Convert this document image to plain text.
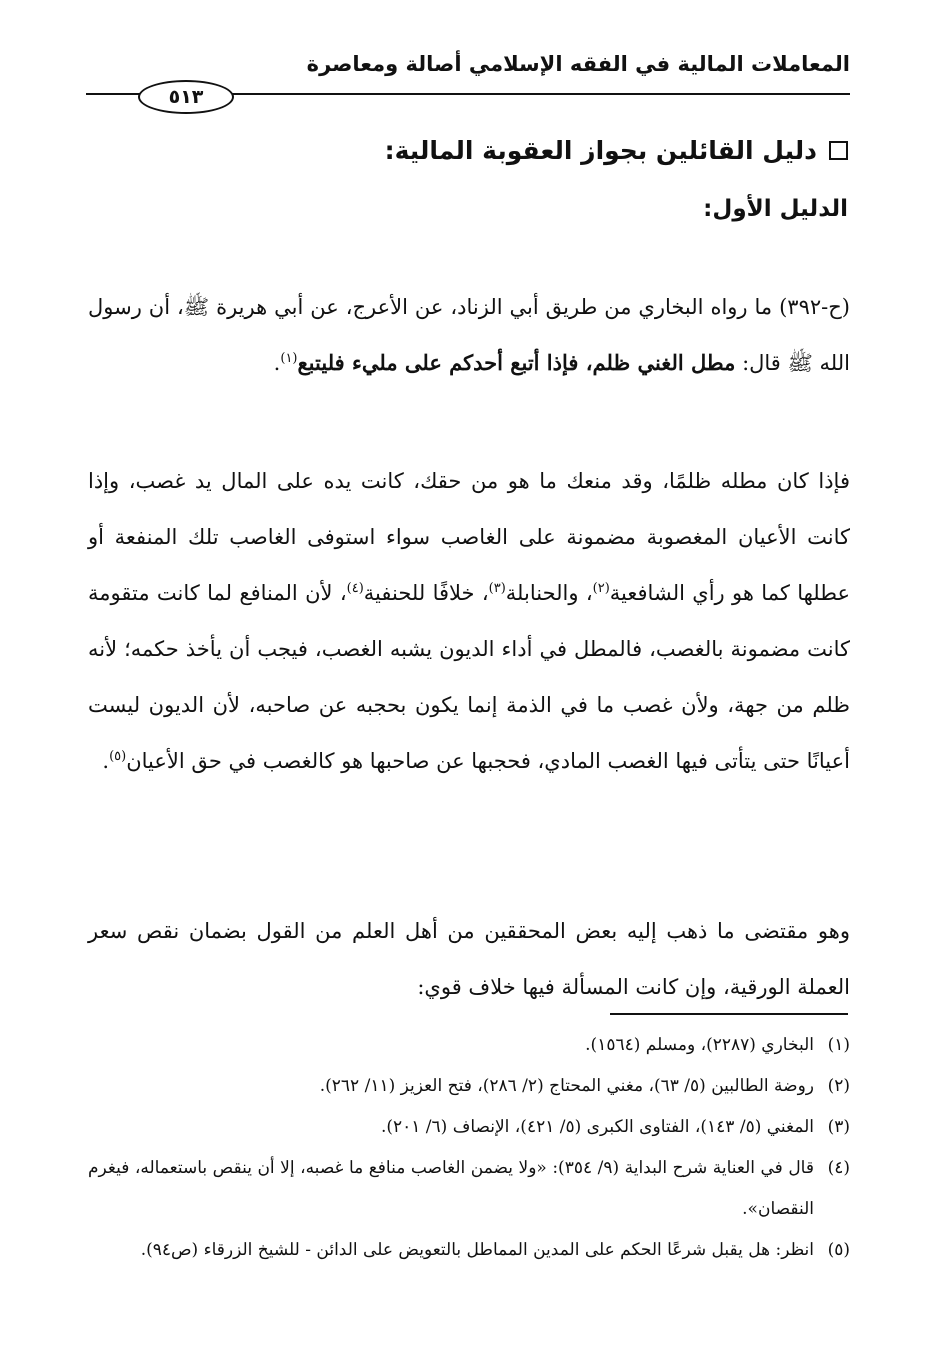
المعاملات المالية في الفقه الإسلامي أصالة ومعاصرة
٥١٣
دليل القائلين بجواز العقوبة المالية:
الدليل الأول:

(ح-٣٩٢) ما رواه البخاري من طريق أبي الزناد، عن الأعرج، عن أبي هريرة ﷺ، أن رسول الله ﷺ قال: مطل الغني ظلم، فإذا أتبع أحدكم على مليء فليتبع$^{(١)}$.

فإذا كان مطله ظلمًا، وقد منعك ما هو من حقك، كانت يده على المال يد غصب، وإذا كانت الأعيان المغصوبة مضمونة على الغاصب سواء استوفى الغاصب تلك المنفعة أو عطلها كما هو رأي الشافعية$^{(٢)}$، والحنابلة$^{(٣)}$، خلافًا للحنفية$^{(٤)}$، لأن المنافع لما كانت متقومة كانت مضمونة بالغصب، فالمطل في أداء الديون يشبه الغصب، فيجب أن يأخذ حكمه؛ لأنه ظلم من جهة، ولأن غصب ما في الذمة إنما يكون بحجبه عن صاحبه، لأن الديون ليست أعيانًا حتى يتأتى فيها الغصب المادي، فحجبها عن صاحبها هو كالغصب في حق الأعيان$^{(٥)}$.

وهو مقتضى ما ذهب إليه بعض المحققين من أهل العلم من القول بضمان نقص سعر العملة الورقية، وإن كانت المسألة فيها خلاف قوي:

(١)
البخاري (٢٢٨٧)، ومسلم (١٥٦٤).
(٢)
روضة الطالبين (٥/ ٦٣)، مغني المحتاج (٢/ ٢٨٦)، فتح العزيز (١١/ ٢٦٢).
(٣)
المغني (٥/ ١٤٣)، الفتاوى الكبرى (٥/ ٤٢١)، الإنصاف (٦/ ٢٠١).
(٤)
قال في العناية شرح البداية (٩/ ٣٥٤): «ولا يضمن الغاصب منافع ما غصبه، إلا أن ينقص باستعماله، فيغرم النقصان».
(٥)
انظر: هل يقبل شرعًا الحكم على المدين المماطل بالتعويض على الدائن - للشيخ الزرقاء (ص٩٤).
